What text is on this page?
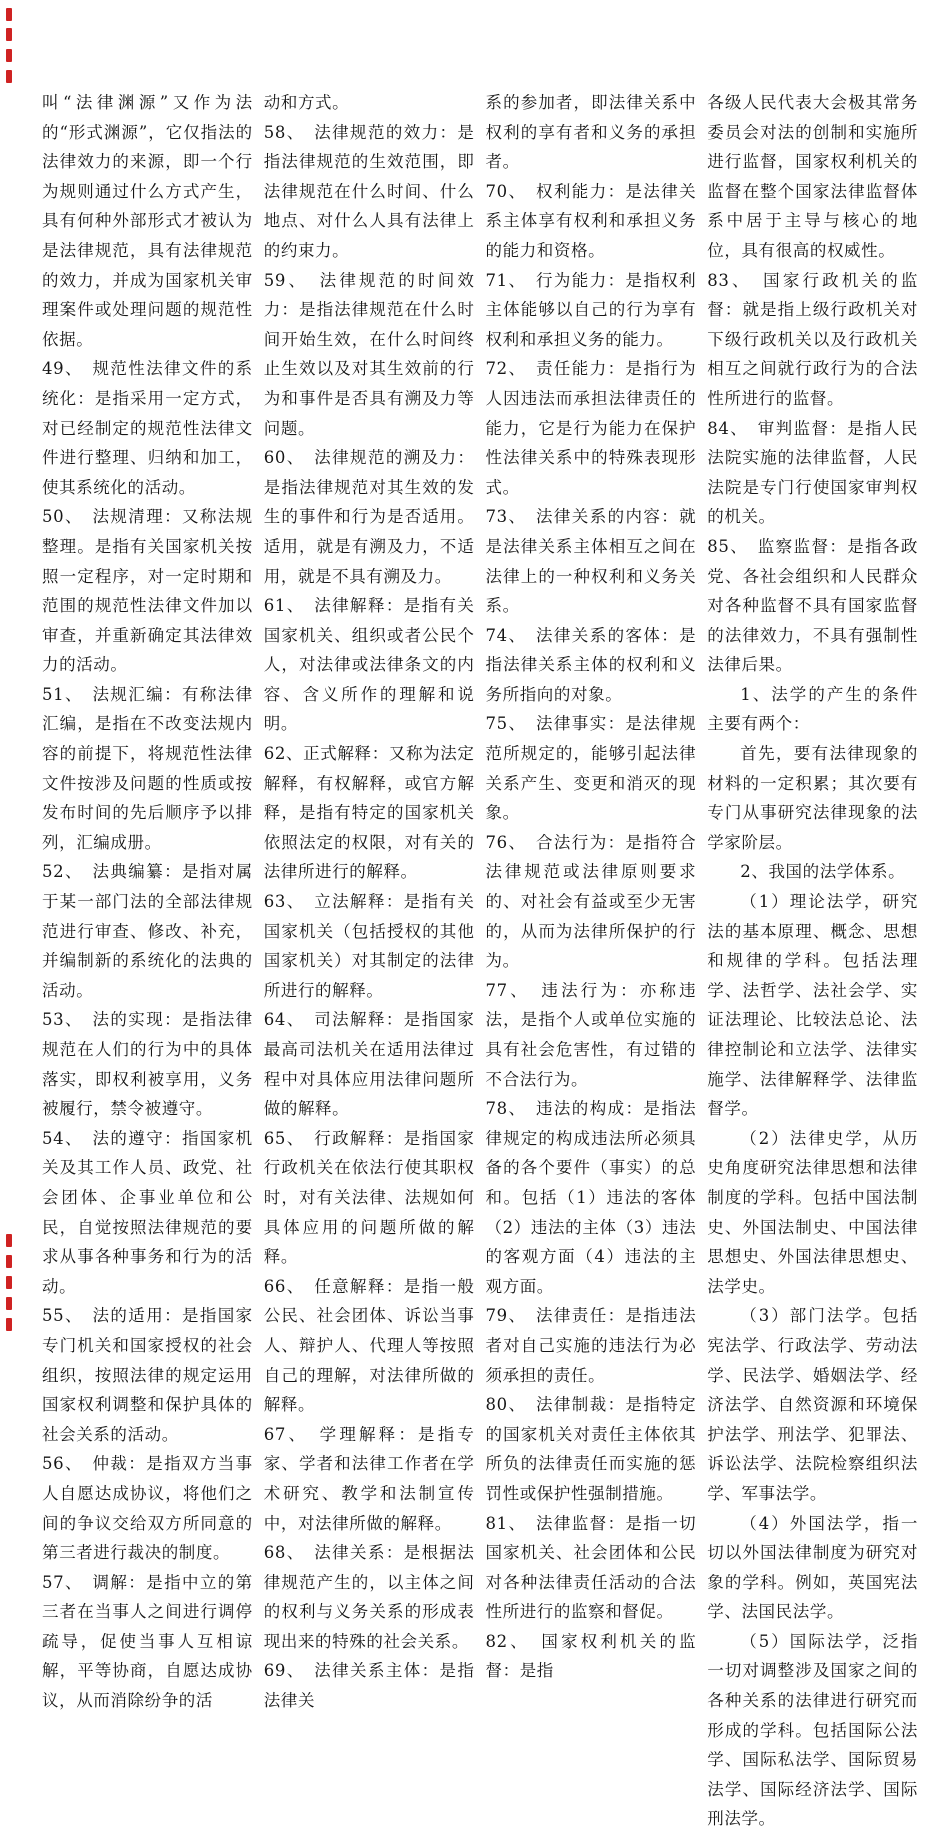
叫“法律渊源”又作为法的“形式渊源”，它仅指法的法律效力的来源，即一个行为规则通过什么方式产生，具有何种外部形式才被认为是法律规范，具有法律规范的效力，并成为国家机关审理案件或处理问题的规范性依据。

49、　规范性法律文件的系统化：是指采用一定方式，对已经制定的规范性法律文件进行整理、归纳和加工，使其系统化的活动。

50、　法规清理：又称法规整理。是指有关国家机关按照一定程序，对一定时期和范围的规范性法律文件加以审查，并重新确定其法律效力的活动。

51、　法规汇编：有称法律汇编，是指在不改变法规内容的前提下，将规范性法律文件按涉及问题的性质或按发布时间的先后顺序予以排列，汇编成册。

52、　法典编纂：是指对属于某一部门法的全部法律规范进行审查、修改、补充，并编制新的系统化的法典的活动。

53、　法的实现：是指法律规范在人们的行为中的具体落实，即权利被享用，义务被履行，禁令被遵守。

54、　法的遵守：指国家机关及其工作人员、政党、社会团体、企事业单位和公民，自觉按照法律规范的要求从事各种事务和行为的活动。

55、　法的适用：是指国家专门机关和国家授权的社会组织，按照法律的规定运用国家权利调整和保护具体的社会关系的活动。

56、　仲裁：是指双方当事人自愿达成协议，将他们之间的争议交给双方所同意的第三者进行裁决的制度。

57、　调解：是指中立的第三者在当事人之间进行调停疏导，促使当事人互相谅解，平等协商，自愿达成协议，从而消除纷争的活

动和方式。

58、　法律规范的效力：是指法律规范的生效范围，即法律规范在什么时间、什么地点、对什么人具有法律上的约束力。

59、　法律规范的时间效力：是指法律规范在什么时间开始生效，在什么时间终止生效以及对其生效前的行为和事件是否具有溯及力等问题。

60、　法律规范的溯及力：是指法律规范对其生效的发生的事件和行为是否适用。适用，就是有溯及力，不适用，就是不具有溯及力。

61、　法律解释：是指有关国家机关、组织或者公民个人，对法律或法律条文的内容、含义所作的理解和说明。

62、正式解释：又称为法定解释，有权解释，或官方解释，是指有特定的国家机关依照法定的权限，对有关的法律所进行的解释。

63、　立法解释：是指有关国家机关（包括授权的其他国家机关）对其制定的法律所进行的解释。

64、　司法解释：是指国家最高司法机关在适用法律过程中对具体应用法律问题所做的解释。

65、　行政解释：是指国家行政机关在依法行使其职权时，对有关法律、法规如何具体应用的问题所做的解释。

66、　任意解释：是指一般公民、社会团体、诉讼当事人、辩护人、代理人等按照自己的理解，对法律所做的解释。

67、　学理解释：是指专家、学者和法律工作者在学术研究、教学和法制宣传中，对法律所做的解释。

68、　法律关系：是根据法律规范产生的，以主体之间的权利与义务关系的形成表现出来的特殊的社会关系。

69、　法律关系主体：是指法律关

系的参加者，即法律关系中权利的享有者和义务的承担者。

70、　权利能力：是法律关系主体享有权利和承担义务的能力和资格。

71、　行为能力：是指权利主体能够以自己的行为享有权利和承担义务的能力。

72、　责任能力：是指行为人因违法而承担法律责任的能力，它是行为能力在保护性法律关系中的特殊表现形式。

73、　法律关系的内容：就是法律关系主体相互之间在法律上的一种权利和义务关系。

74、　法律关系的客体：是指法律关系主体的权利和义务所指向的对象。

75、　法律事实：是法律规范所规定的，能够引起法律关系产生、变更和消灭的现象。

76、　合法行为：是指符合法律规范或法律原则要求的、对社会有益或至少无害的，从而为法律所保护的行为。

77、　违法行为：亦称违法，是指个人或单位实施的具有社会危害性，有过错的不合法行为。

78、　违法的构成：是指法律规定的构成违法所必须具备的各个要件（事实）的总和。包括（1）违法的客体（2）违法的主体（3）违法的客观方面（4）违法的主观方面。

79、　法律责任：是指违法者对自己实施的违法行为必须承担的责任。

80、　法律制裁：是指特定的国家机关对责任主体依其所负的法律责任而实施的惩罚性或保护性强制措施。

81、　法律监督：是指一切国家机关、社会团体和公民对各种法律责任活动的合法性所进行的监察和督促。

82、　国家权利机关的监督：是指

各级人民代表大会极其常务委员会对法的创制和实施所进行监督，国家权利机关的监督在整个国家法律监督体系中居于主导与核心的地位，具有很高的权威性。

83、　国家行政机关的监督：就是指上级行政机关对下级行政机关以及行政机关相互之间就行政行为的合法性所进行的监督。

84、　审判监督：是指人民法院实施的法律监督，人民法院是专门行使国家审判权的机关。

85、　监察监督：是指各政党、各社会组织和人民群众对各种监督不具有国家监督的法律效力，不具有强制性法律后果。

1、法学的产生的条件主要有两个：

首先，要有法律现象的材料的一定积累；其次要有专门从事研究法律现象的法学家阶层。

2、我国的法学体系。

（1）理论法学，研究法的基本原理、概念、思想和规律的学科。包括法理学、法哲学、法社会学、实证法理论、比较法总论、法律控制论和立法学、法律实施学、法律解释学、法律监督学。

（2）法律史学，从历史角度研究法律思想和法律制度的学科。包括中国法制史、外国法制史、中国法律思想史、外国法律思想史、法学史。

（3）部门法学。包括宪法学、行政法学、劳动法学、民法学、婚姻法学、经济法学、自然资源和环境保护法学、刑法学、犯罪法、诉讼法学、法院检察组织法学、军事法学。

（4）外国法学，指一切以外国法律制度为研究对象的学科。例如，英国宪法学、法国民法学。

（5）国际法学，泛指一切对调整涉及国家之间的各种关系的法律进行研究而形成的学科。包括国际公法学、国际私法学、国际贸易法学、国际经济法学、国际刑法学。
